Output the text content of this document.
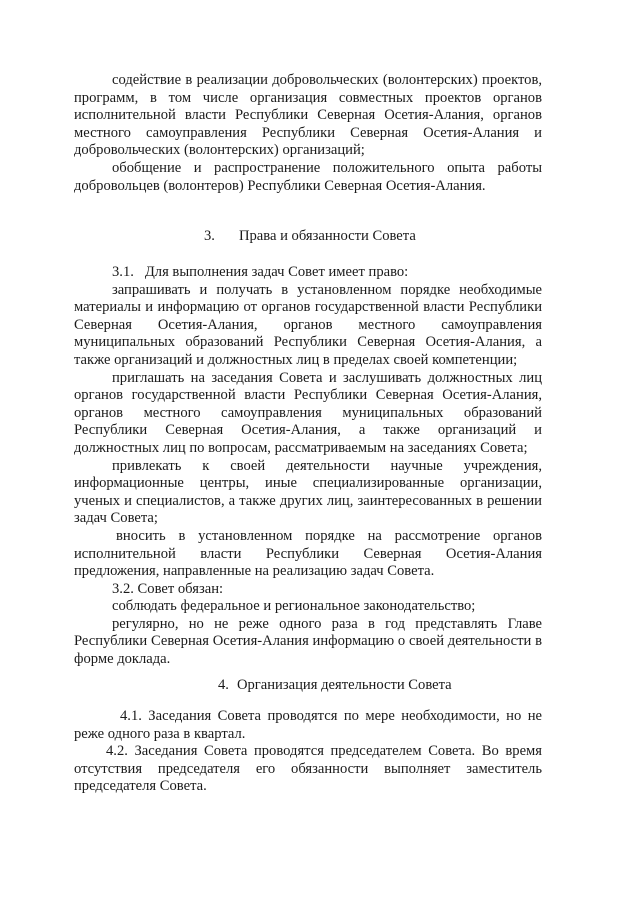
содействие в реализации добровольческих (волонтерских) проектов, программ, в том числе организация совместных проектов органов исполнительной власти Республики Северная Осетия-Алания, органов местного самоуправления Республики Северная Осетия-Алания и добровольческих (волонтерских) организаций;

обобщение и распространение положительного опыта работы добровольцев (волонтеров) Республики Северная Осетия-Алания.

3. Права и обязанности Совета

3.1.   Для выполнения задач Совет имеет право:

запрашивать и получать в установленном порядке необходимые материалы и информацию от органов государственной власти Республики Северная Осетия-Алания, органов местного самоуправления муниципальных образований Республики Северная Осетия-Алания, а также организаций и должностных лиц в пределах своей компетенции;

приглашать на заседания Совета и заслушивать должностных лиц органов государственной власти Республики Северная Осетия-Алания, органов местного самоуправления муниципальных образований Республики Северная Осетия-Алания, а также организаций и должностных лиц по вопросам, рассматриваемым на заседаниях Совета;

привлекать к своей деятельности научные учреждения, информационные центры, иные специализированные организации, ученых и специалистов, а также других лиц, заинтересованных в решении задач Совета;

вносить в установленном порядке на рассмотрение органов исполнительной власти Республики Северная Осетия-Алания предложения, направленные на реализацию задач Совета.

3.2. Совет обязан:

соблюдать федеральное и региональное законодательство;

регулярно, но не реже одного раза в год представлять Главе Республики Северная Осетия-Алания информацию о своей деятельности в форме доклада.

4. Организация деятельности Совета

4.1. Заседания Совета проводятся по мере необходимости, но не реже одного раза в квартал.

4.2. Заседания Совета проводятся председателем Совета. Во время отсутствия председателя его обязанности выполняет заместитель председателя Совета.
